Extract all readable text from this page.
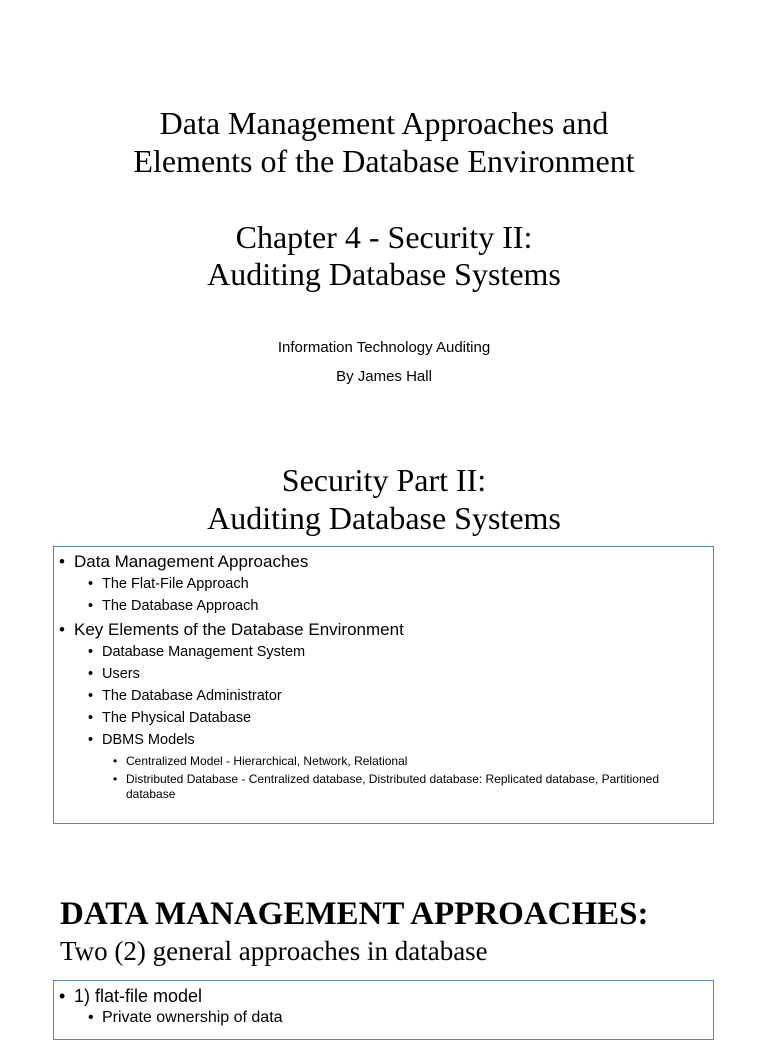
Data Management Approaches and
Elements of the Database Environment
Chapter 4 - Security II:
Auditing Database Systems
Information Technology Auditing
By James Hall
Security Part II:
Auditing Database Systems
• Data Management Approaches
• The Flat-File Approach
• The Database Approach
• Key Elements of the Database Environment
• Database Management System
• Users
• The Database Administrator
• The Physical Database
• DBMS Models
• Centralized Model - Hierarchical, Network, Relational
• Distributed Database - Centralized database, Distributed database: Replicated database, Partitioned database
DATA MANAGEMENT APPROACHES:
Two (2) general approaches in database
• 1) flat-file model
• Private ownership of data
